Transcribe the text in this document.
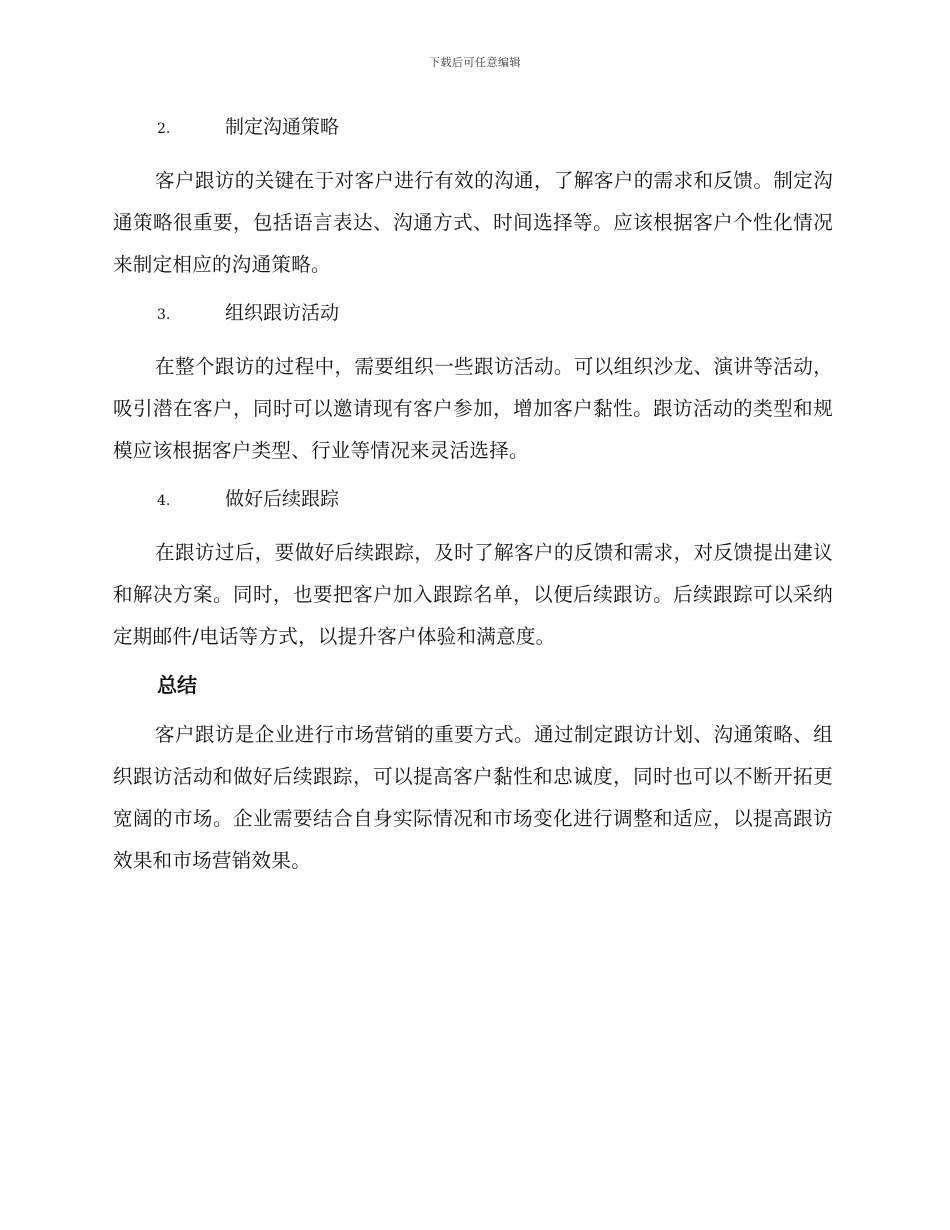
下载后可任意编辑
2.	制定沟通策略

客户跟访的关键在于对客户进行有效的沟通，了解客户的需求和反馈。制定沟通策略很重要，包括语言表达、沟通方式、时间选择等。应该根据客户个性化情况来制定相应的沟通策略。

3.	组织跟访活动

在整个跟访的过程中，需要组织一些跟访活动。可以组织沙龙、演讲等活动，吸引潜在客户，同时可以邀请现有客户参加，增加客户黏性。跟访活动的类型和规模应该根据客户类型、行业等情况来灵活选择。

4.	做好后续跟踪

在跟访过后，要做好后续跟踪，及时了解客户的反馈和需求，对反馈提出建议和解决方案。同时，也要把客户加入跟踪名单，以便后续跟访。后续跟踪可以采纳定期邮件/电话等方式，以提升客户体验和满意度。

总结

客户跟访是企业进行市场营销的重要方式。通过制定跟访计划、沟通策略、组织跟访活动和做好后续跟踪，可以提高客户黏性和忠诚度，同时也可以不断开拓更宽阔的市场。企业需要结合自身实际情况和市场变化进行调整和适应，以提高跟访效果和市场营销效果。
